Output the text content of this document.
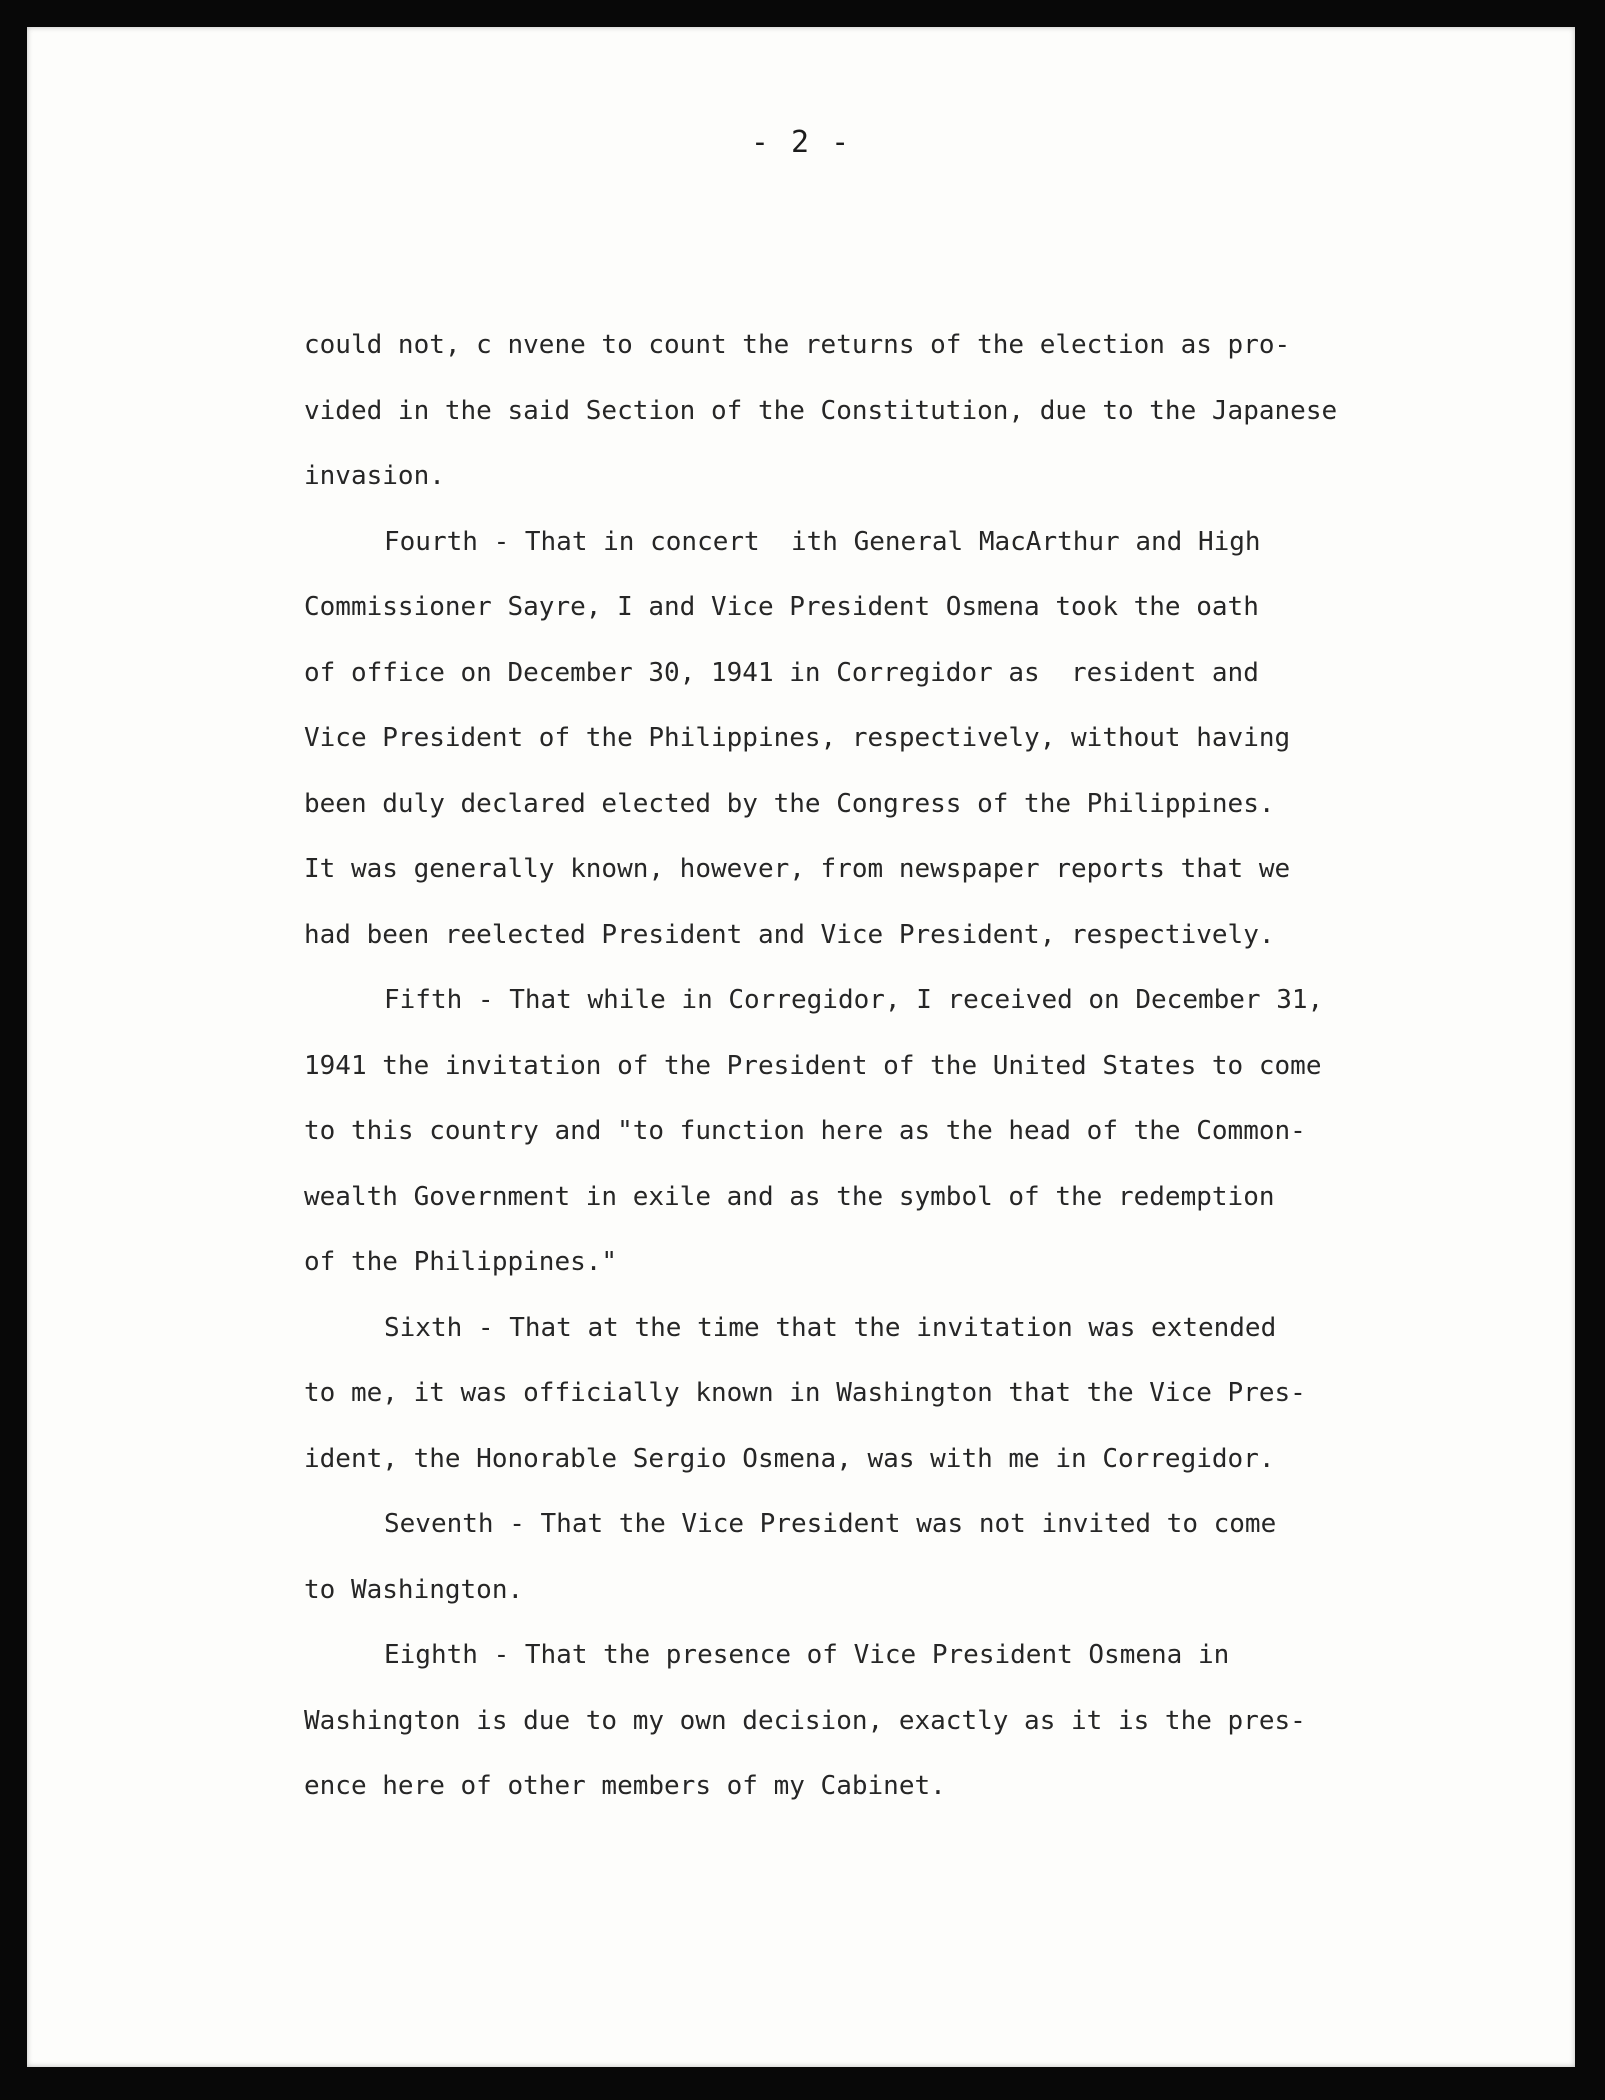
- 2 -
could not, c nvene to count the returns of the election as pro-
vided in the said Section of the Constitution, due to the Japanese
invasion.
Fourth - That in concert  ith General MacArthur and High
Commissioner Sayre, I and Vice President Osmena took the oath
of office on December 30, 1941 in Corregidor as  resident and
Vice President of the Philippines, respectively, without having
been duly declared elected by the Congress of the Philippines.
It was generally known, however, from newspaper reports that we
had been reelected President and Vice President, respectively.
Fifth - That while in Corregidor, I received on December 31,
1941 the invitation of the President of the United States to come
to this country and "to function here as the head of the Common-
wealth Government in exile and as the symbol of the redemption
of the Philippines."
Sixth - That at the time that the invitation was extended
to me, it was officially known in Washington that the Vice Pres-
ident, the Honorable Sergio Osmena, was with me in Corregidor.
Seventh - That the Vice President was not invited to come
to Washington.
Eighth - That the presence of Vice President Osmena in
Washington is due to my own decision, exactly as it is the pres-
ence here of other members of my Cabinet.
